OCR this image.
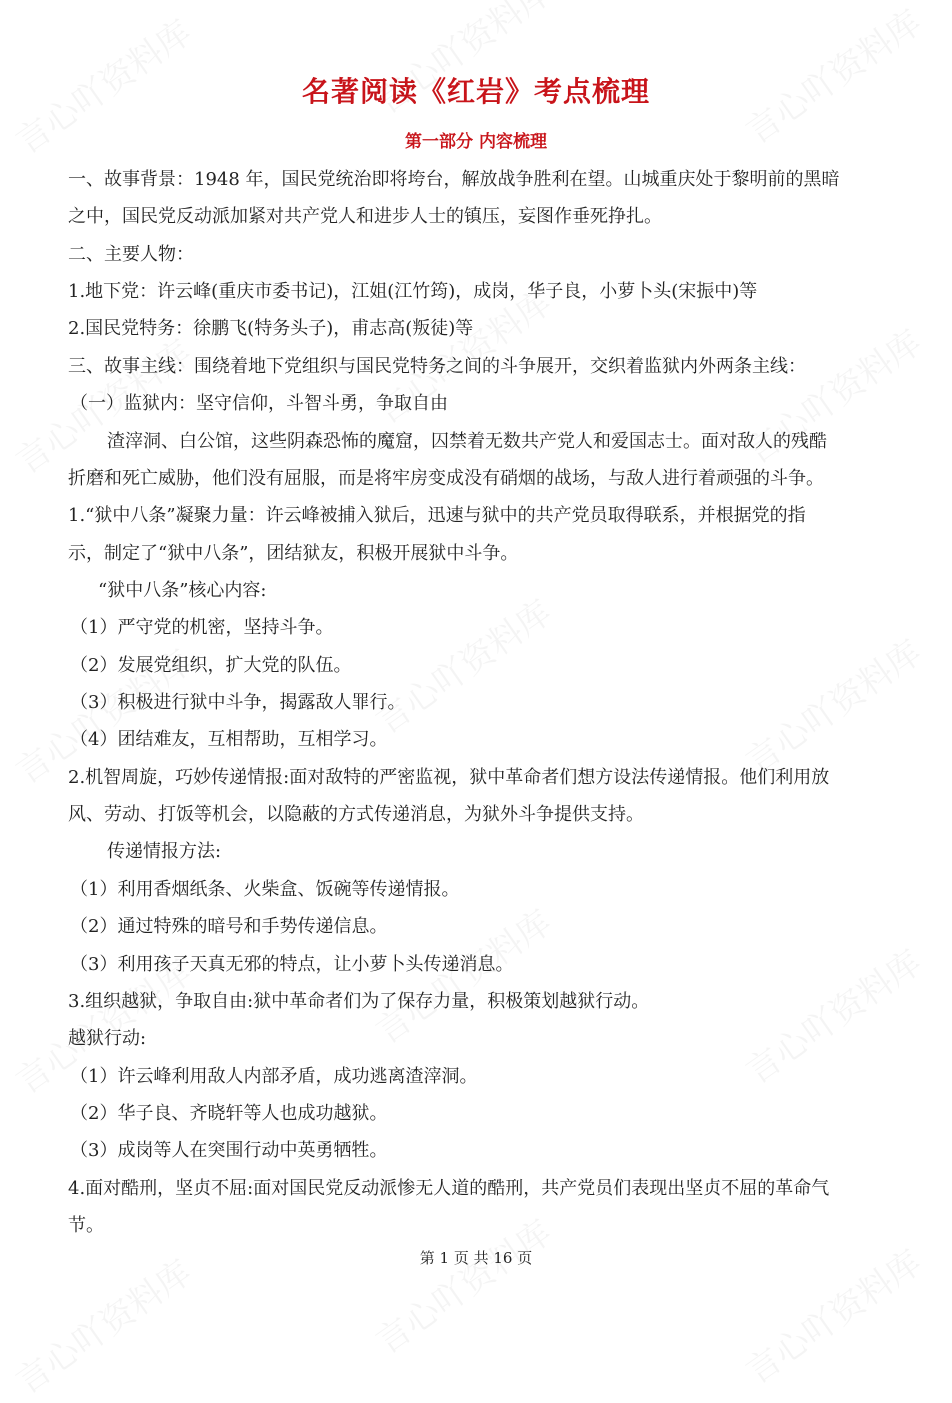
名著阅读《红岩》考点梳理
第一部分 内容梳理
一、故事背景：1948 年，国民党统治即将垮台，解放战争胜利在望。山城重庆处于黎明前的黑暗
之中，国民党反动派加紧对共产党人和进步人士的镇压，妄图作垂死挣扎。
二、主要人物：
1.地下党：许云峰(重庆市委书记)，江姐(江竹筠)，成岗，华子良，小萝卜头(宋振中)等
2.国民党特务：徐鹏飞(特务头子)，甫志高(叛徒)等
三、故事主线：围绕着地下党组织与国民党特务之间的斗争展开，交织着监狱内外两条主线：
（一）监狱内：坚守信仰，斗智斗勇，争取自由
渣滓洞、白公馆，这些阴森恐怖的魔窟，囚禁着无数共产党人和爱国志士。面对敌人的残酷
折磨和死亡威胁，他们没有屈服，而是将牢房变成没有硝烟的战场，与敌人进行着顽强的斗争。
1.“狱中八条”凝聚力量：许云峰被捕入狱后，迅速与狱中的共产党员取得联系，并根据党的指
示，制定了“狱中八条”，团结狱友，积极开展狱中斗争。
“狱中八条”核心内容:
（1）严守党的机密，坚持斗争。
（2）发展党组织，扩大党的队伍。
（3）积极进行狱中斗争，揭露敌人罪行。
（4）团结难友，互相帮助，互相学习。
2.机智周旋，巧妙传递情报:面对敌特的严密监视，狱中革命者们想方设法传递情报。他们利用放
风、劳动、打饭等机会，以隐蔽的方式传递消息，为狱外斗争提供支持。
传递情报方法:
（1）利用香烟纸条、火柴盒、饭碗等传递情报。
（2）通过特殊的暗号和手势传递信息。
（3）利用孩子天真无邪的特点，让小萝卜头传递消息。
3.组织越狱，争取自由:狱中革命者们为了保存力量，积极策划越狱行动。
越狱行动:
（1）许云峰利用敌人内部矛盾，成功逃离渣滓洞。
（2）华子良、齐晓轩等人也成功越狱。
（3）成岗等人在突围行动中英勇牺牲。
4.面对酷刑，坚贞不屈:面对国民党反动派惨无人道的酷刑，共产党员们表现出坚贞不屈的革命气
节。
第 1 页 共 16 页
